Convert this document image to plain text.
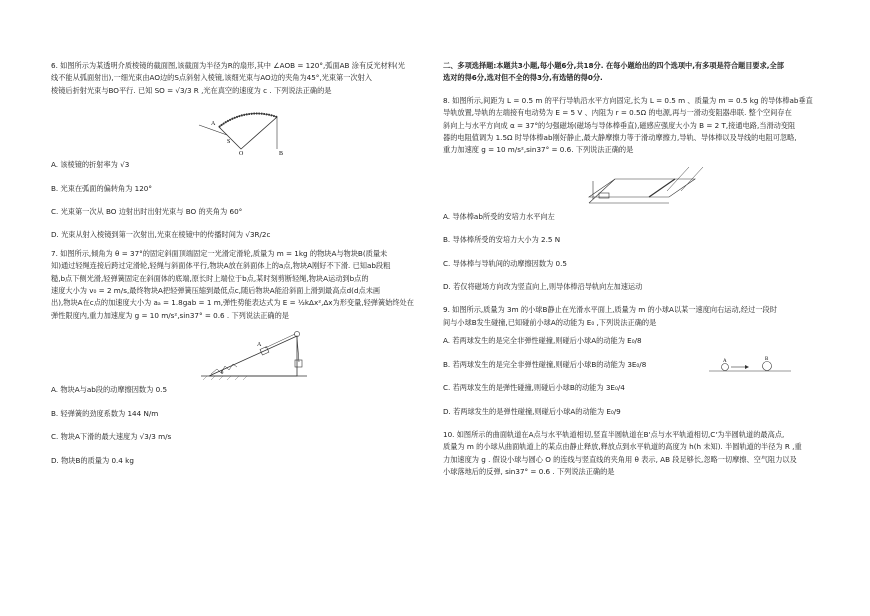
6. 如图所示为某透明介质棱镜的截面图,该截面为半径为R的扇形,其中 ∠AOB = 120°,弧面AB 涂有反光材料(光
线不能从弧面射出),一细光束由AO边的S点斜射入棱镜,该细光束与AO边的夹角为45°,光束第一次射入
棱镜后折射光束与BO平行. 已知 SO = √3/3 R ,光在真空的速度为 c . 下列说法正确的是
A
S
O	B
A. 该棱镜的折射率为 √3
B. 光束在弧面的偏转角为 120°
C. 光束第一次从 BO 边射出时出射光束与 BO 的夹角为 60°
D. 光束从射入棱镜到第一次射出,光束在棱镜中的传播时间为 √3R/2c
7. 如图所示,倾角为 θ = 37°的固定斜面顶端固定一光滑定滑轮,质量为 m = 1kg 的物块A与物块B(质量未
知)通过轻绳连接后跨过定滑轮,轻绳与斜面体平行,物块A放在斜面体上的a点,物块A刚好不下滑. 已知ab段粗
糙,b点下侧光滑,轻弹簧固定在斜面体的底端,原长时上端位于b点,某时刻剪断轻绳,物块A运动到b点的
速度大小为 v₀ = 2 m/s,最终物块A把轻弹簧压缩到最低点c,随后物块A能沿斜面上滑到最高点d(d点未画
出),物块A在c点的加速度大小为 aₐ = 1.8gab = 1 m,弹性势能表达式为 E = ½kΔx²,Δx为形变量,轻弹簧始终处在
弹性限度内,重力加速度为 g = 10 m/s²,sin37° = 0.6 . 下列说法正确的是
A
θ
A. 物块A与ab段的动摩擦因数为 0.5
B. 轻弹簧的劲度系数为 144 N/m
C. 物块A下滑的最大速度为 √3/3 m/s
D. 物块B的质量为 0.4 kg
二、多项选择题:本题共3小题,每小题6分,共18分. 在每小题给出的四个选项中,有多项是符合题目要求,全部
选对的得6分,选对但不全的得3分,有选错的得0分.
8. 如图所示,间距为 L = 0.5 m 的平行导轨沿水平方向固定,长为 L = 0.5 m 、质量为 m = 0.5 kg 的导体棒ab垂直
导轨放置,导轨的左端接有电动势为 E = 5 V 、内阻为 r = 0.5Ω 的电源,再与一滑动变阻器串联. 整个空间存在
斜向上与水平方向成 α = 37°的匀强磁场(磁场与导体棒垂直),磁感应强度大小为 B = 2 T,接通电路,当滑动变阻
器的电阻值调为 1.5Ω 时导体棒ab刚好静止,最大静摩擦力等于滑动摩擦力,导轨、导体棒以及导线的电阻可忽略,
重力加速度 g = 10 m/s²,sin37° = 0.6. 下列说法正确的是
A. 导体棒ab所受的安培力水平向左
B. 导体棒所受的安培力大小为 2.5 N
C. 导体棒与导轨间的动摩擦因数为 0.5
D. 若仅将磁场方向改为竖直向上,则导体棒沿导轨向左加速运动
9. 如图所示,质量为 3m 的小球B静止在光滑水平面上,质量为 m 的小球A以某一速度向右运动,经过一段时
间与小球B发生碰撞,已知碰前小球A的动能为 E₀ ,下列说法正确的是
A. 若两球发生的是完全非弹性碰撞,则碰后小球A的动能为 E₀/8
B. 若两球发生的是完全非弹性碰撞,则碰后小球B的动能为 3E₀/8
C. 若两球发生的是弹性碰撞,则碰后小球B的动能为 3E₀/4
D. 若两球发生的是弹性碰撞,则碰后小球A的动能为 E₀/9
A	B
10. 如图所示的曲面轨道在A点与水平轨道相切,竖直半圆轨道在B'点与水平轨道相切,C'为半圆轨道的最高点,
质量为 m 的小球从曲面轨道上的某点由静止释放,释放点到水平轨道的高度为 h(h 未知). 半圆轨道的半径为 R ,重
力加速度为 g . 假设小球与圆心 O 的连线与竖直线的夹角用 θ 表示, AB 段足够长,忽略一切摩擦、空气阻力以及
小球落地后的反弹, sin37° = 0.6 . 下列说法正确的是
